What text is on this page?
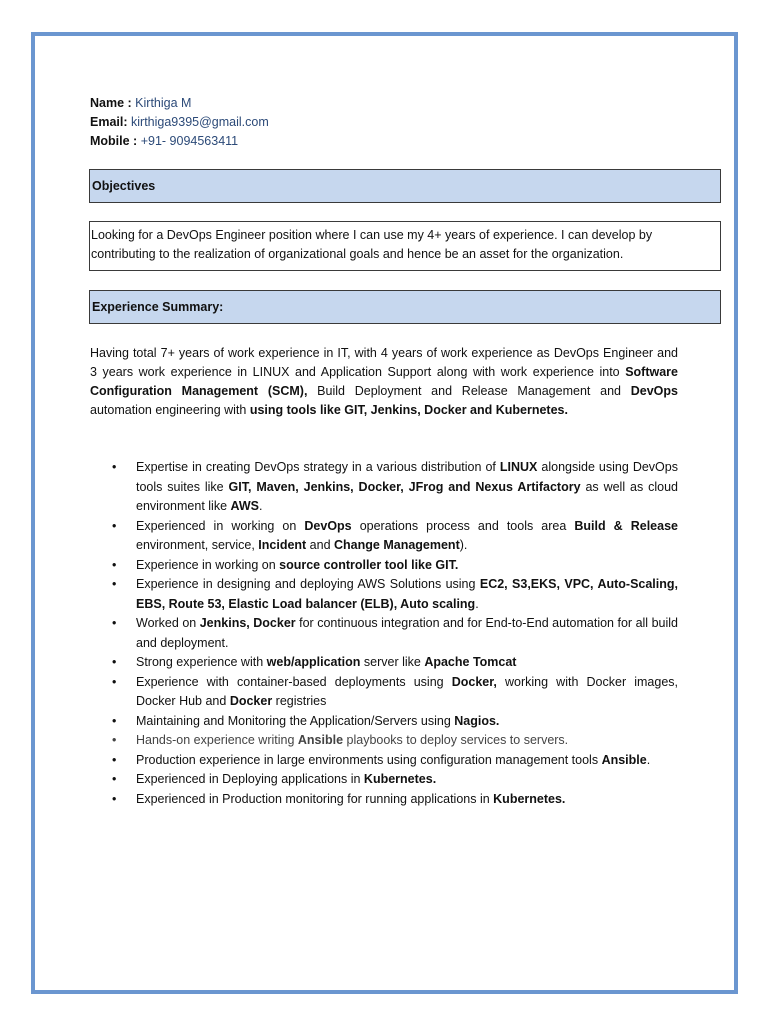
Name : Kirthiga M
Email: kirthiga9395@gmail.com
Mobile : +91- 9094563411
Objectives
Looking for a DevOps Engineer position where I can use my 4+ years of experience. I can develop by contributing to the realization of organizational goals and hence be an asset for the organization.
Experience Summary:
Having total 7+ years of work experience in IT, with 4 years of work experience as DevOps Engineer and 3 years work experience in LINUX and Application Support along with work experience into Software Configuration Management (SCM), Build Deployment and Release Management and DevOps automation engineering with using tools like GIT, Jenkins, Docker and Kubernetes.
• Expertise in creating DevOps strategy in a various distribution of LINUX alongside using DevOps tools suites like GIT, Maven, Jenkins, Docker, JFrog and Nexus Artifactory as well as cloud environment like AWS.
• Experienced in working on DevOps operations process and tools area Build & Release environment, service, Incident and Change Management).
• Experience in working on source controller tool like GIT.
• Experience in designing and deploying AWS Solutions using EC2, S3,EKS, VPC, Auto-Scaling, EBS, Route 53, Elastic Load balancer (ELB), Auto scaling.
• Worked on Jenkins, Docker for continuous integration and for End-to-End automation for all build and deployment.
• Strong experience with web/application server like Apache Tomcat
• Experience with container-based deployments using Docker, working with Docker images, Docker Hub and Docker registries
• Maintaining and Monitoring the Application/Servers using Nagios.
• Hands-on experience writing Ansible playbooks to deploy services to servers.
• Production experience in large environments using configuration management tools Ansible.
• Experienced in Deploying applications in Kubernetes.
• Experienced in Production monitoring for running applications in Kubernetes.
